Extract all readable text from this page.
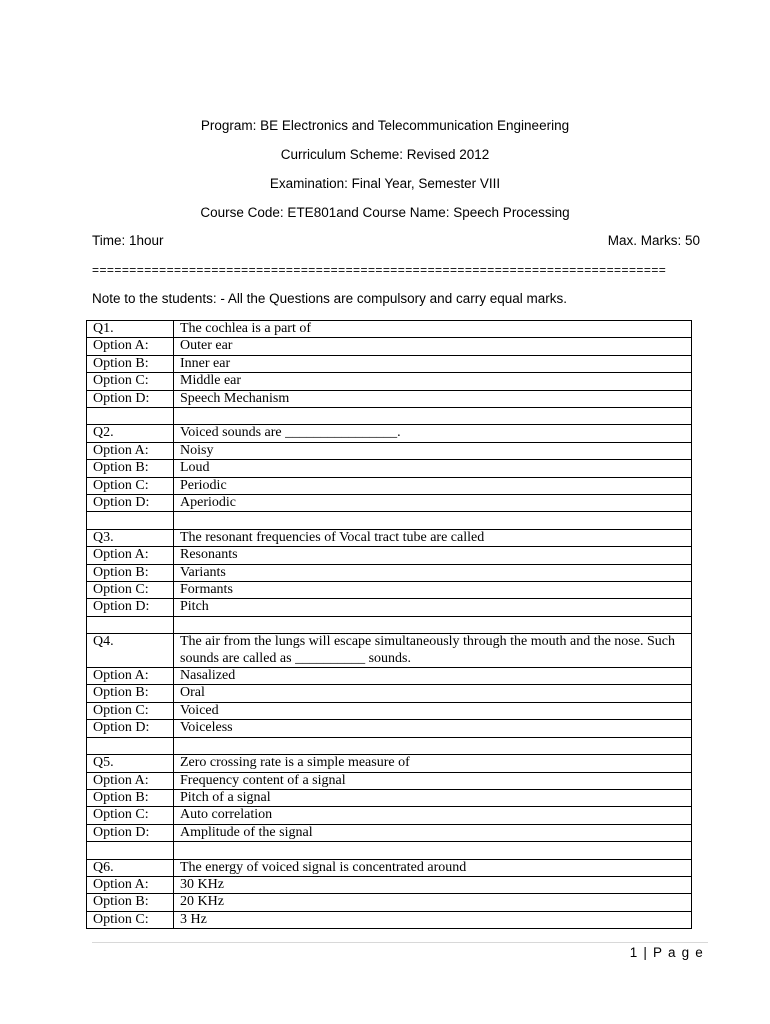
Program: BE Electronics and Telecommunication Engineering
Curriculum Scheme: Revised 2012
Examination: Final Year, Semester VIII
Course Code: ETE801and Course Name: Speech Processing
Time: 1hour	Max. Marks: 50
=============================================================================
Note to the students: - All the Questions are compulsory and carry equal marks.
Q1.	The cochlea is a part of
Option A:	Outer ear
Option B:	Inner ear
Option C:	Middle ear
Option D:	Speech Mechanism

Q2.	Voiced sounds are ________________.
Option A:	Noisy
Option B:	Loud
Option C:	Periodic
Option D:	Aperiodic

Q3.	The resonant frequencies of Vocal tract tube are called
Option A:	Resonants
Option B:	Variants
Option C:	Formants
Option D:	Pitch

Q4.	The air from the lungs will escape simultaneously through the mouth and the nose. Such sounds are called as __________ sounds.
Option A:	Nasalized
Option B:	Oral
Option C:	Voiced
Option D:	Voiceless

Q5.	Zero crossing rate is a simple measure of
Option A:	Frequency content of a signal
Option B:	Pitch of a signal
Option C:	Auto correlation
Option D:	Amplitude of the signal

Q6.	The energy of voiced signal is concentrated around
Option A:	30 KHz
Option B:	20 KHz
Option C:	3 Hz
1 | P a g e
